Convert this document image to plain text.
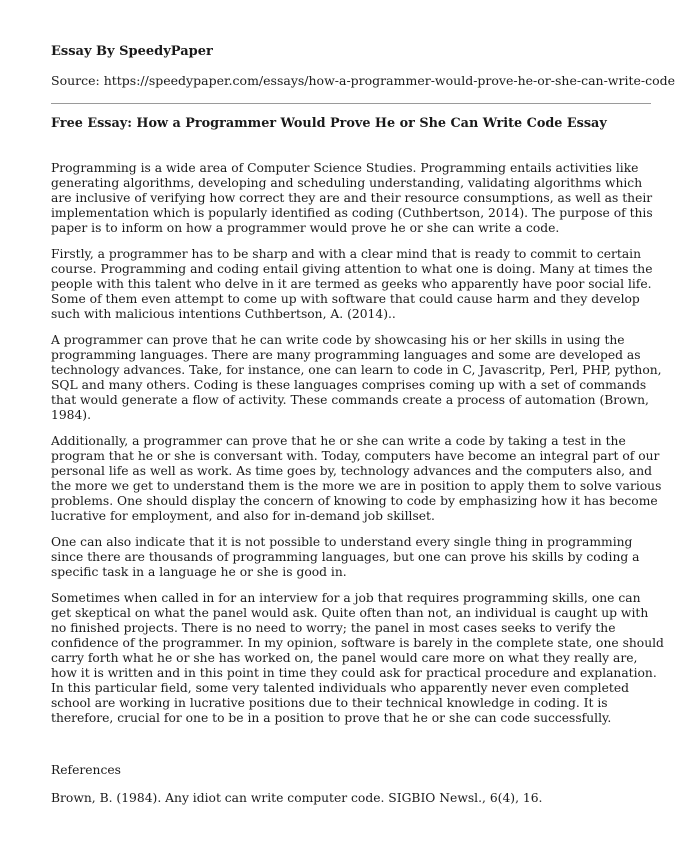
Essay By SpeedyPaper

Source: https://speedypaper.com/essays/how-a-programmer-would-prove-he-or-she-can-write-code

Free Essay: How a Programmer Would Prove He or She Can Write Code Essay

Programming is a wide area of Computer Science Studies. Programming entails activities like generating algorithms, developing and scheduling understanding, validating algorithms which are inclusive of verifying how correct they are and their resource consumptions, as well as their implementation which is popularly identified as coding (Cuthbertson, 2014). The purpose of this paper is to inform on how a programmer would prove he or she can write a code.

Firstly, a programmer has to be sharp and with a clear mind that is ready to commit to certain course. Programming and coding entail giving attention to what one is doing. Many at times the people with this talent who delve in it are termed as geeks who apparently have poor social life. Some of them even attempt to come up with software that could cause harm and they develop such with malicious intentions Cuthbertson, A. (2014)..

A programmer can prove that he can write code by showcasing his or her skills in using the programming languages. There are many programming languages and some are developed as technology advances. Take, for instance, one can learn to code in C, Javascritp, Perl, PHP, python, SQL and many others. Coding is these languages comprises coming up with a set of commands that would generate a flow of activity. These commands create a process of automation (Brown, 1984).

Additionally, a programmer can prove that he or she can write a code by taking a test in the program that he or she is conversant with. Today, computers have become an integral part of our personal life as well as work. As time goes by, technology advances and the computers also, and the more we get to understand them is the more we are in position to apply them to solve various problems. One should display the concern of knowing to code by emphasizing how it has become lucrative for employment, and also for in-demand job skillset.

One can also indicate that it is not possible to understand every single thing in programming since there are thousands of programming languages, but one can prove his skills by coding a specific task in a language he or she is good in.

Sometimes when called in for an interview for a job that requires programming skills, one can get skeptical on what the panel would ask. Quite often than not, an individual is caught up with no finished projects. There is no need to worry; the panel in most cases seeks to verify the confidence of the programmer. In my opinion, software is barely in the complete state, one should carry forth what he or she has worked on, the panel would care more on what they really are, how it is written and in this point in time they could ask for practical procedure and explanation. In this particular field, some very talented individuals who apparently never even completed school are working in lucrative positions due to their technical knowledge in coding. It is therefore, crucial for one to be in a position to prove that he or she can code successfully.

References

Brown, B. (1984). Any idiot can write computer code. SIGBIO Newsl., 6(4), 16.
